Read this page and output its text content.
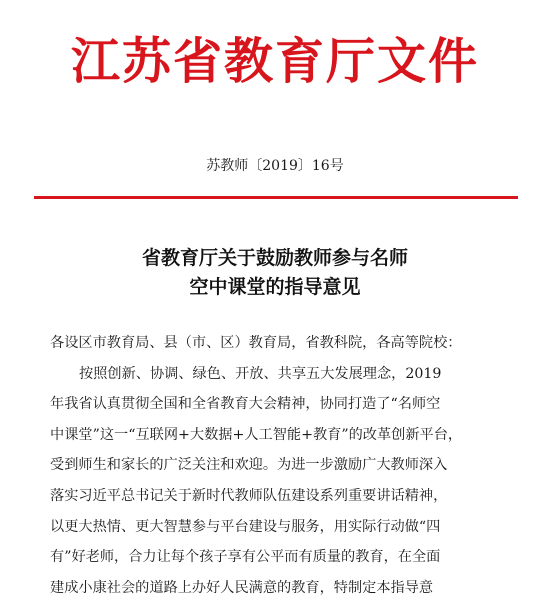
江苏省教育厅文件
苏教师〔2019〕16号
省教育厅关于鼓励教师参与名师
空中课堂的指导意见
各设区市教育局、县（市、区）教育局，省教科院，各高等院校：
按照创新、协调、绿色、开放、共享五大发展理念，2019
年我省认真贯彻全国和全省教育大会精神，协同打造了“名师空
中课堂”这一“互联网+大数据+人工智能+教育”的改革创新平台，
受到师生和家长的广泛关注和欢迎。为进一步激励广大教师深入
落实习近平总书记关于新时代教师队伍建设系列重要讲话精神，
以更大热情、更大智慧参与平台建设与服务，用实际行动做“四
有”好老师，合力让每个孩子享有公平而有质量的教育，在全面
建成小康社会的道路上办好人民满意的教育，特制定本指导意
